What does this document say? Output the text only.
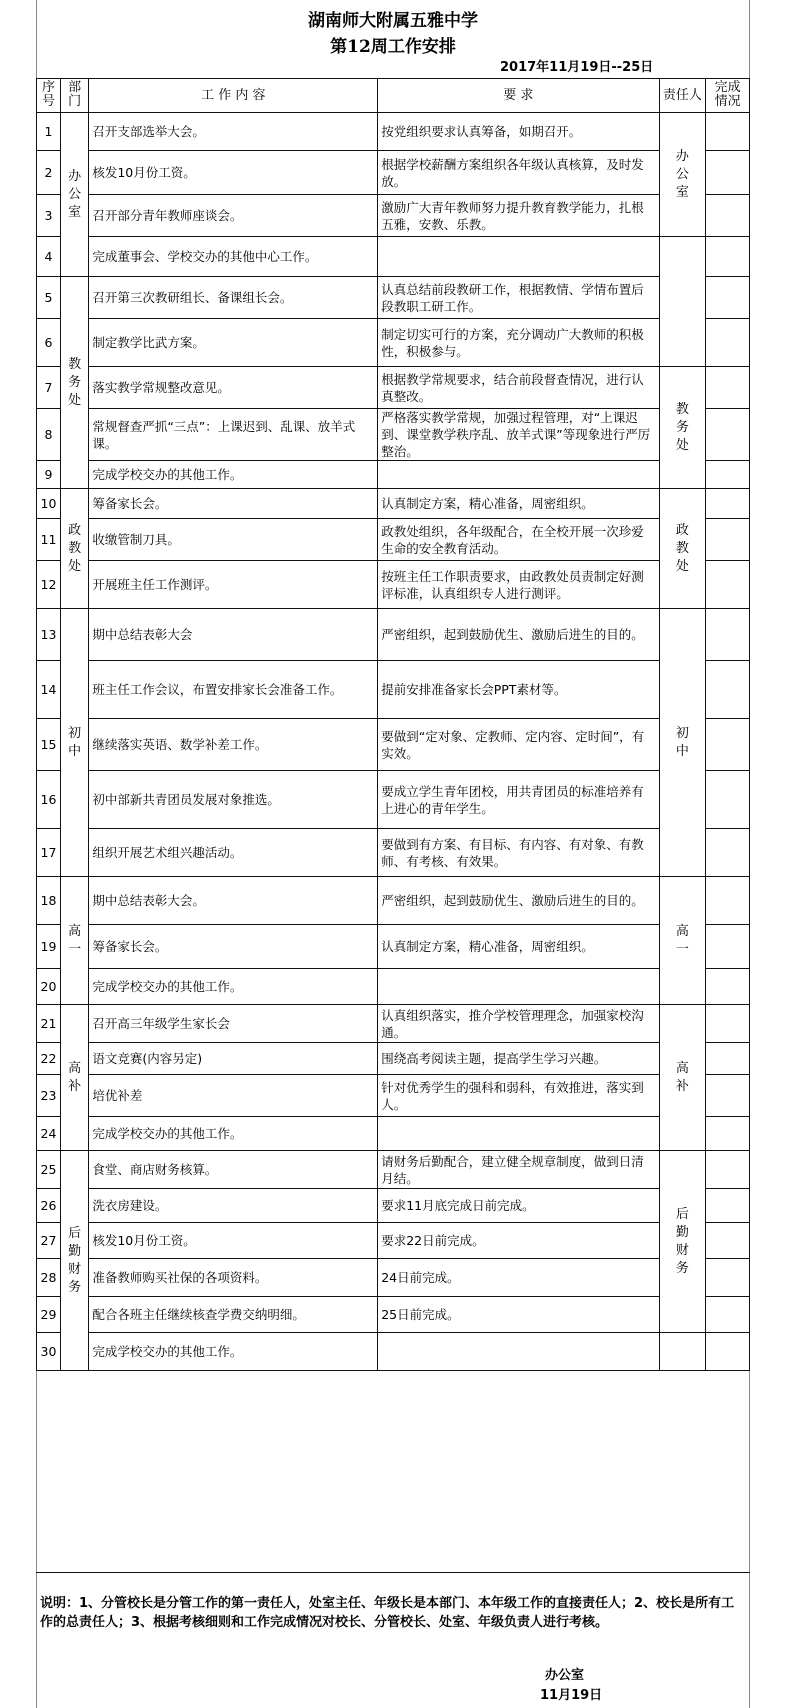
湖南师大附属五雅中学
第12周工作安排
2017年11月19日--25日
序号	部门	工 作 内 容	要 求	责任人	完成情况
1	办公室	召开支部选举大会。	按党组织要求认真筹备，如期召开。	办公室	
2		核发10月份工资。	根据学校薪酬方案组织各年级认真核算，及时发放。		
3		召开部分青年教师座谈会。	激励广大青年教师努力提升教育教学能力，扎根五雅，安教、乐教。		
4		完成董事会、学校交办的其他中心工作。			
5	教务处	召开第三次教研组长、备课组长会。	认真总结前段教研工作，根据教情、学情布置后段教职工研工作。		
6		制定教学比武方案。	制定切实可行的方案，充分调动广大教师的积极性，积极参与。		
7		落实教学常规整改意见。	根据教学常规要求，结合前段督查情况，进行认真整改。	教务处	
8		常规督查严抓“三点”：上课迟到、乱课、放羊式课。	严格落实教学常规，加强过程管理，对“上课迟到、课堂教学秩序乱、放羊式课”等现象进行严厉整治。		
9		完成学校交办的其他工作。			
10	政教处	筹备家长会。	认真制定方案，精心准备，周密组织。	政教处	
11		收缴管制刀具。	政教处组织，各年级配合，在全校开展一次珍爱生命的安全教育活动。		
12		开展班主任工作测评。	按班主任工作职责要求，由政教处员责制定好测评标准，认真组织专人进行测评。		
13	初中	期中总结表彰大会	严密组织，起到鼓励优生、激励后进生的目的。	初中	
14		班主任工作会议，布置安排家长会准备工作。	提前安排准备家长会PPT素材等。		
15		继续落实英语、数学补差工作。	要做到“定对象、定教师、定内容、定时间”，有实效。		
16		初中部新共青团员发展对象推选。	要成立学生青年团校，用共青团员的标准培养有上进心的青年学生。		
17		组织开展艺术组兴趣活动。	要做到有方案、有目标、有内容、有对象、有教师、有考核、有效果。		
18	高一	期中总结表彰大会。	严密组织，起到鼓励优生、激励后进生的目的。	高一	
19		筹备家长会。	认真制定方案，精心准备，周密组织。		
20		完成学校交办的其他工作。			
21	高补	召开高三年级学生家长会	认真组织落实，推介学校管理理念，加强家校沟通。	高补	
22		语文竞赛(内容另定)	围绕高考阅读主题，提高学生学习兴趣。		
23		培优补差	针对优秀学生的强科和弱科，有效推进，落实到人。		
24		完成学校交办的其他工作。			
25	后勤财务	食堂、商店财务核算。	请财务后勤配合，建立健全规章制度，做到日清月结。	后勤财务	
26		洗衣房建设。	要求11月底完成日前完成。		
27		核发10月份工资。	要求22日前完成。		
28		准备教师购买社保的各项资料。	24日前完成。		
29		配合各班主任继续核查学费交纳明细。	25日前完成。		
30		完成学校交办的其他工作。			
说明：1、分管校长是分管工作的第一责任人，处室主任、年级长是本部门、本年级工作的直接责任人；2、校长是所有工作的总责任人；3、根据考核细则和工作完成情况对校长、分管校长、处室、年级负责人进行考核。
办公室
11月19日
